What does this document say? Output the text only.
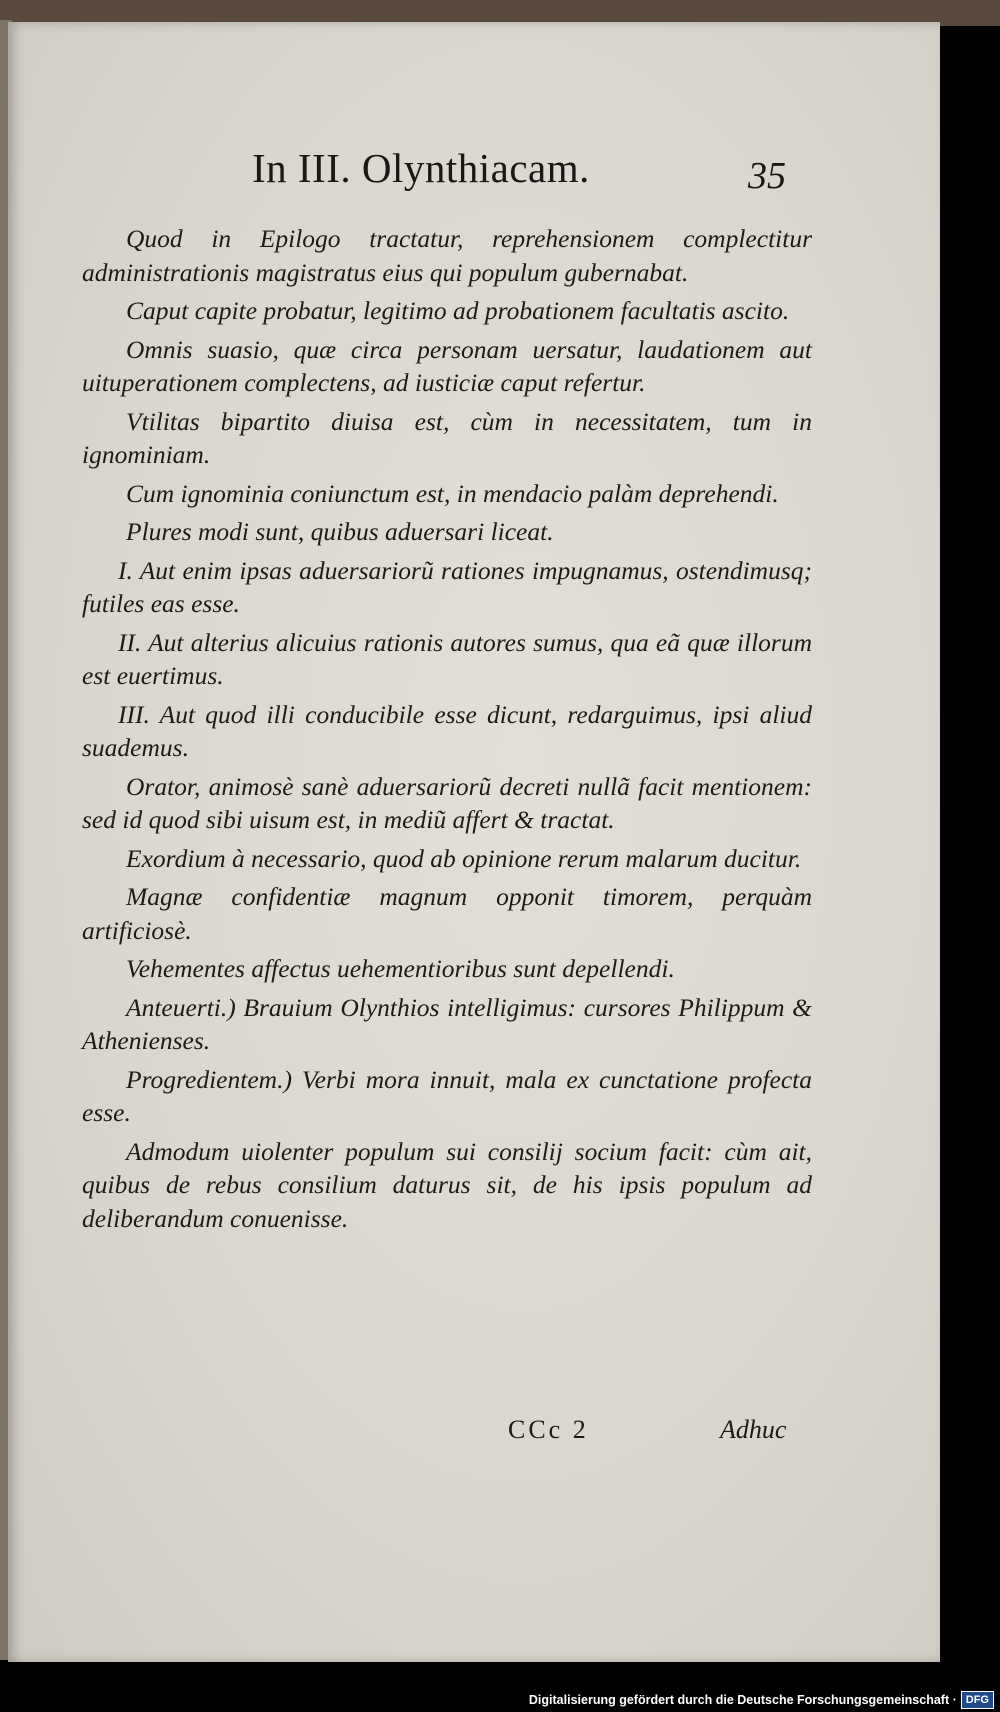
In III. Olynthiacam.	35

Quod in Epilogo tractatur, reprehensionem complectitur administrationis magistratus eius qui populum gubernabat.

Caput capite probatur, legitimo ad probationem facultatis ascito.

Omnis suasio, quæ circa personam uersatur, laudationem aut uituperationem complectens, ad iusticiæ caput refertur.

Vtilitas bipartito diuisa est, cùm in necessitatem, tum in ignominiam.

Cum ignominia coniunctum est, in mendacio palàm deprehendi.

Plures modi sunt, quibus aduersari liceat.

I. Aut enim ipsas aduersariorũ rationes impugnamus, ostendimusq; futiles eas esse.

II. Aut alterius alicuius rationis autores sumus, qua eã quæ illorum est euertimus.

III. Aut quod illi conducibile esse dicunt, redarguimus, ipsi aliud suademus.

Orator, animosè sanè aduersariorũ decreti nullã facit mentionem: sed id quod sibi uisum est, in mediũ affert & tractat.

Exordium à necessario, quod ab opinione rerum malarum ducitur.

Magnæ confidentiæ magnum opponit timorem, perquàm artificiosè.

Vehementes affectus uehementioribus sunt depellendi.

Anteuerti.) Brauium Olynthios intelligimus: cursores Philippum & Athenienses.

Progredientem.) Verbi mora innuit, mala ex cunctatione profecta esse.

Admodum uiolenter populum sui consilij socium facit: cùm ait, quibus de rebus consilium daturus sit, de his ipsis populum ad deliberandum conuenisse.

CCc 2	Adhuc
Digitalisierung gefördert durch die Deutsche Forschungsgemeinschaft · DFG
